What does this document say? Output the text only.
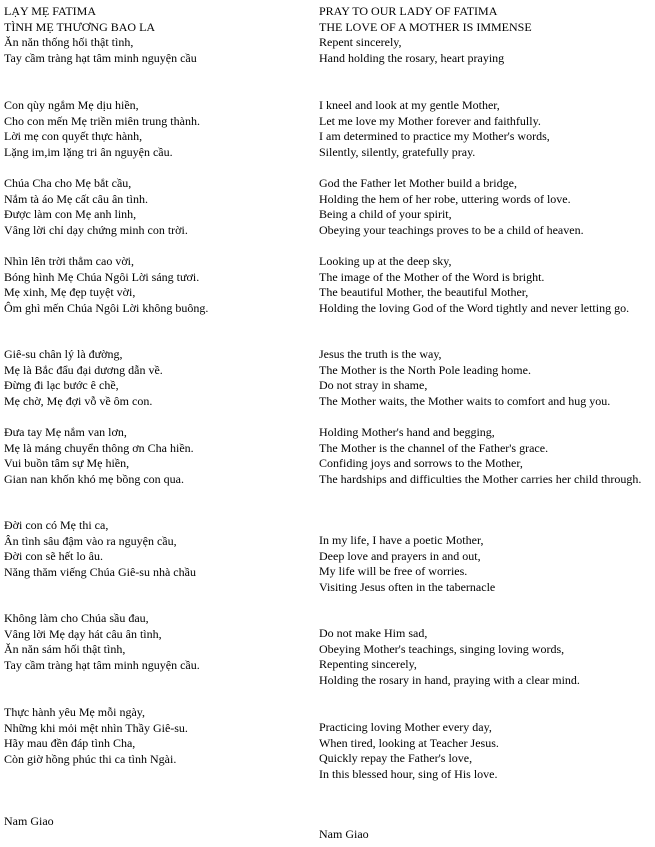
LẠY MẸ FATIMA
TÌNH MẸ THƯƠNG BAO LA
Ăn năn thống hối thật tình,
Tay cầm tràng hạt tâm minh nguyện cầu
Con qùy ngắm Mẹ dịu hiền,
Cho con mến Mẹ triền miên trung thành.
Lời mẹ con quyết thực hành,
Lặng im,im lặng tri ân nguyện cầu.
Chúa Cha cho Mẹ bắt cầu,
Nắm tà áo Mẹ cất câu ân tình.
Được làm con Mẹ anh linh,
Vâng lời chỉ dạy chứng minh con trời.
Nhìn lên trời thẳm cao vời,
Bóng hình Mẹ Chúa Ngôi Lời sáng tươi.
Mẹ xinh, Mẹ đẹp tuyệt vời,
Ôm ghì mến Chúa Ngôi Lời không buông.
Giê-su chân lý là đường,
Mẹ là Bắc đẩu đại dương dẫn về.
Đừng đi lạc bước ê chề,
Mẹ chờ, Mẹ đợi vỗ về ôm con.
Đưa tay Mẹ nắm van lơn,
Mẹ là máng chuyển thông ơn Cha hiền.
Vui buồn tâm sự Mẹ hiền,
Gian nan khốn khó mẹ bồng con qua.
Đời con có Mẹ thi ca,
Ân tình sâu đậm vào ra nguyện cầu,
Đời con sẽ hết lo âu.
Năng thăm viếng Chúa Giê-su nhà chầu
Không làm cho Chúa sầu đau,
Vâng lời Mẹ dạy hát câu ân tình,
Ăn năn sám hối thật tình,
Tay cầm tràng hạt tâm minh nguyện cầu.
Thực hành yêu Mẹ mỗi ngày,
Những khi mỏi mệt nhìn Thầy Giê-su.
Hãy mau đền đáp tình Cha,
Còn giờ hồng phúc thi ca tình Ngài.
Nam Giao
PRAY TO OUR LADY OF FATIMA
THE LOVE OF A MOTHER IS IMMENSE
Repent sincerely,
Hand holding the rosary, heart praying
I kneel and look at my gentle Mother,
Let me love my Mother forever and faithfully.
I am determined to practice my Mother's words,
Silently, silently, gratefully pray.
God the Father let Mother build a bridge,
Holding the hem of her robe, uttering words of love.
Being a child of your spirit,
Obeying your teachings proves to be a child of heaven.
Looking up at the deep sky,
The image of the Mother of the Word is bright.
The beautiful Mother, the beautiful Mother,
Holding the loving God of the Word tightly and never letting go.
Jesus the truth is the way,
The Mother is the North Pole leading home.
Do not stray in shame,
The Mother waits, the Mother waits to comfort and hug you.
Holding Mother's hand and begging,
The Mother is the channel of the Father's grace.
Confiding joys and sorrows to the Mother,
The hardships and difficulties the Mother carries her child through.
In my life, I have a poetic Mother,
Deep love and prayers in and out,
My life will be free of worries.
Visiting Jesus often in the tabernacle
Do not make Him sad,
Obeying Mother's teachings, singing loving words,
Repenting sincerely,
Holding the rosary in hand, praying with a clear mind.
Practicing loving Mother every day,
When tired, looking at Teacher Jesus.
Quickly repay the Father's love,
In this blessed hour, sing of His love.
Nam Giao
